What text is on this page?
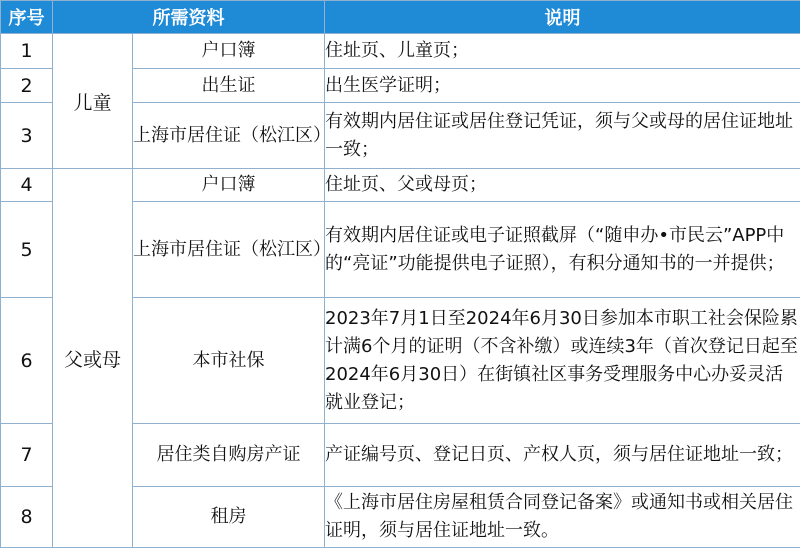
序号	所需资料		说明
1	儿童	户口簿	住址页、儿童页；
2		出生证	出生医学证明；
3		上海市居住证（松江区）	有效期内居住证或居住登记凭证，须与父或母的居住证地址一致；
4	父或母	户口簿	住址页、父或母页；
5		上海市居住证（松江区）	有效期内居住证或电子证照截屏（“随申办•市民云”APP中的“亮证”功能提供电子证照），有积分通知书的一并提供；
6		本市社保	2023年7月1日至2024年6月30日参加本市职工社会保险累计满6个月的证明（不含补缴）或连续3年（首次登记日起至2024年6月30日）在街镇社区事务受理服务中心办妥灵活就业登记；
7		居住类自购房产证	产证编号页、登记日页、产权人页，须与居住证地址一致；
8		租房	《上海市居住房屋租赁合同登记备案》或通知书或相关居住证明，须与居住证地址一致。
